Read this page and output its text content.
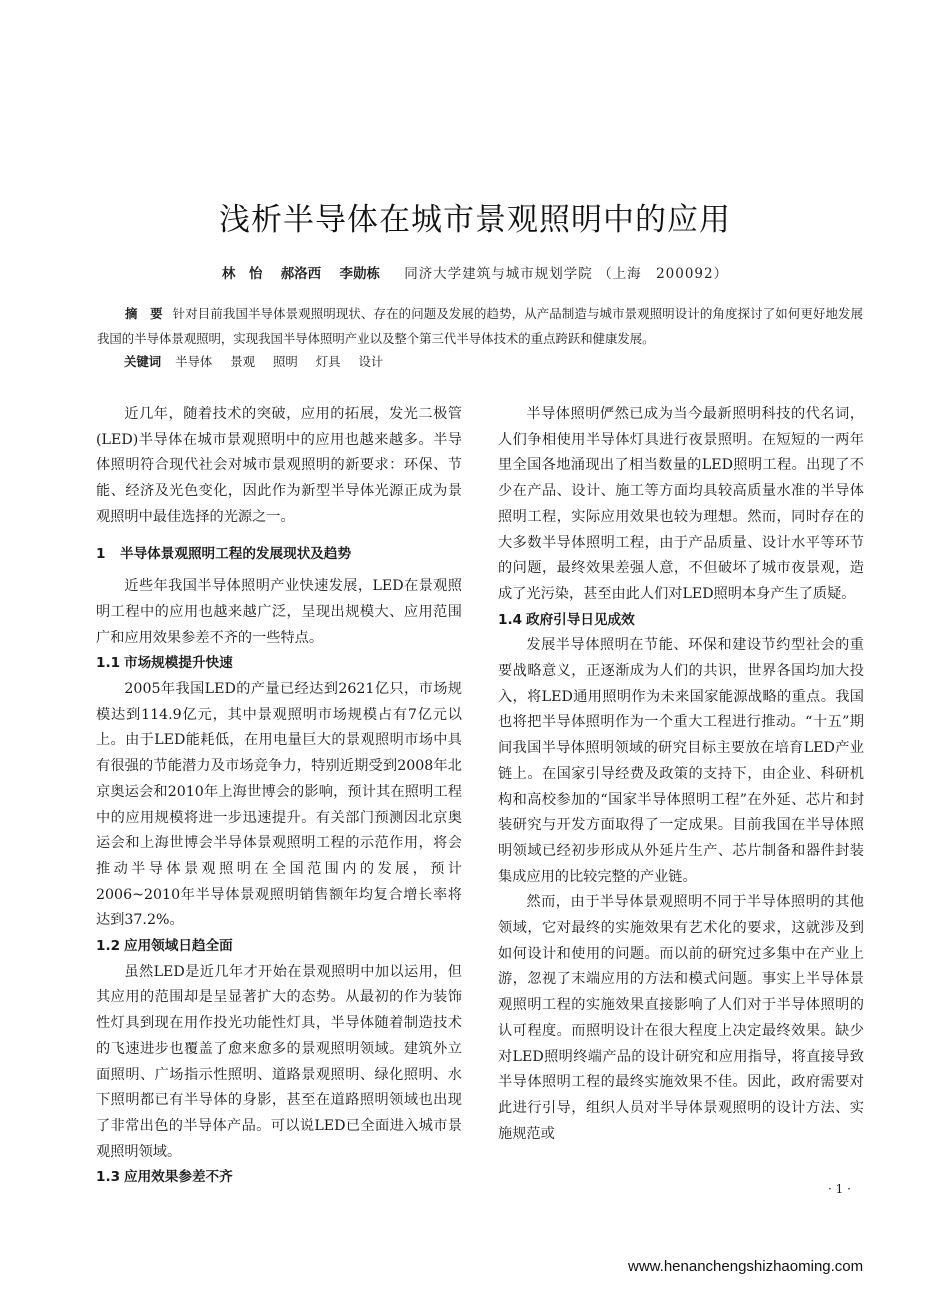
浅析半导体在城市景观照明中的应用
林　怡 郝洛西 李勋栋 同济大学建筑与城市规划学院 （上海　200092）
摘　要 针对目前我国半导体景观照明现状、存在的问题及发展的趋势，从产品制造与城市景观照明设计的角度探讨了如何更好地发展我国的半导体景观照明，实现我国半导体照明产业以及整个第三代半导体技术的重点跨跃和健康发展。
关键词 半导体 景观 照明 灯具 设计

近几年，随着技术的突破，应用的拓展，发光二极管(LED)半导体在城市景观照明中的应用也越来越多。半导体照明符合现代社会对城市景观照明的新要求：环保、节能、经济及光色变化，因此作为新型半导体光源正成为景观照明中最佳选择的光源之一。

1 半导体景观照明工程的发展现状及趋势

近些年我国半导体照明产业快速发展，LED在景观照明工程中的应用也越来越广泛，呈现出规模大、应用范围广和应用效果参差不齐的一些特点。

1.1 市场规模提升快速

2005年我国LED的产量已经达到2621亿只，市场规模达到114.9亿元，其中景观照明市场规模占有7亿元以上。由于LED能耗低，在用电量巨大的景观照明市场中具有很强的节能潜力及市场竞争力，特别近期受到2008年北京奥运会和2010年上海世博会的影响，预计其在照明工程中的应用规模将进一步迅速提升。有关部门预测因北京奥运会和上海世博会半导体景观照明工程的示范作用，将会推动半导体景观照明在全国范围内的发展，预计2006~2010年半导体景观照明销售额年均复合增长率将达到37.2%。

1.2 应用领域日趋全面

虽然LED是近几年才开始在景观照明中加以运用，但其应用的范围却是呈显著扩大的态势。从最初的作为装饰性灯具到现在用作投光功能性灯具，半导体随着制造技术的飞速进步也覆盖了愈来愈多的景观照明领域。建筑外立面照明、广场指示性照明、道路景观照明、绿化照明、水下照明都已有半导体的身影，甚至在道路照明领域也出现了非常出色的半导体产品。可以说LED已全面进入城市景观照明领域。

1.3 应用效果参差不齐

半导体照明俨然已成为当今最新照明科技的代名词，人们争相使用半导体灯具进行夜景照明。在短短的一两年里全国各地涌现出了相当数量的LED照明工程。出现了不少在产品、设计、施工等方面均具较高质量水准的半导体照明工程，实际应用效果也较为理想。然而，同时存在的大多数半导体照明工程，由于产品质量、设计水平等环节的问题，最终效果差强人意，不但破坏了城市夜景观，造成了光污染，甚至由此人们对LED照明本身产生了质疑。

1.4 政府引导日见成效

发展半导体照明在节能、环保和建设节约型社会的重要战略意义，正逐渐成为人们的共识，世界各国均加大投入，将LED通用照明作为未来国家能源战略的重点。我国也将把半导体照明作为一个重大工程进行推动。“十五”期间我国半导体照明领域的研究目标主要放在培育LED产业链上。在国家引导经费及政策的支持下，由企业、科研机构和高校参加的“国家半导体照明工程”在外延、芯片和封装研究与开发方面取得了一定成果。目前我国在半导体照明领域已经初步形成从外延片生产、芯片制备和器件封装集成应用的比较完整的产业链。

然而，由于半导体景观照明不同于半导体照明的其他领域，它对最终的实施效果有艺术化的要求，这就涉及到如何设计和使用的问题。而以前的研究过多集中在产业上游，忽视了末端应用的方法和模式问题。事实上半导体景观照明工程的实施效果直接影响了人们对于半导体照明的认可程度。而照明设计在很大程度上决定最终效果。缺少对LED照明终端产品的设计研究和应用指导，将直接导致半导体照明工程的最终实施效果不佳。因此，政府需要对此进行引导，组织人员对半导体景观照明的设计方法、实施规范或

· 1 ·
www.henanchengshizhaoming.com
